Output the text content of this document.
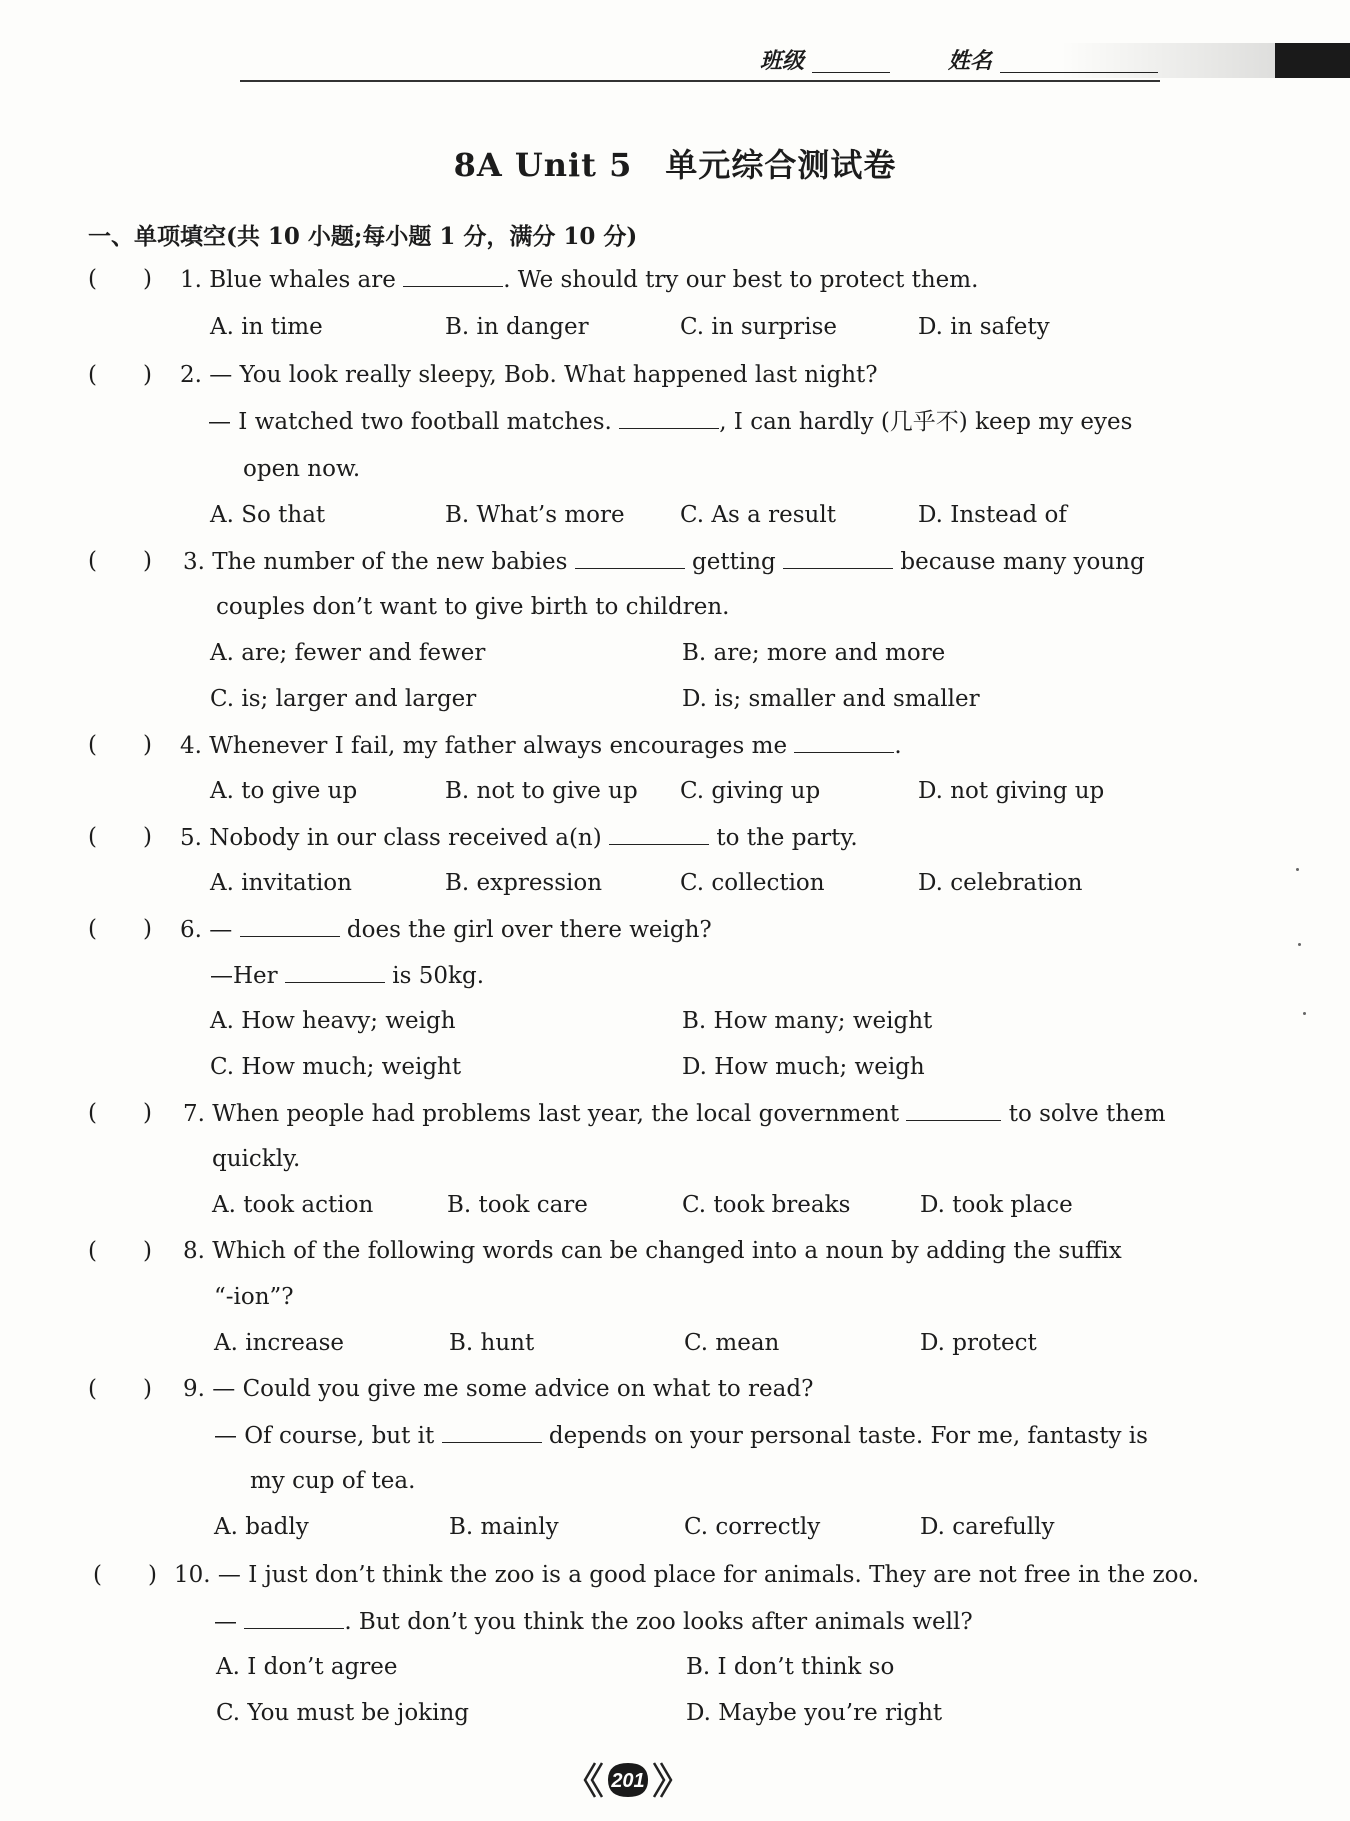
班级	姓名
8A Unit 5　单元综合测试卷
一、单项填空(共 10 小题;每小题 1 分，满分 10 分)
(　　) 1. Blue whales are	. We should try our best to protect them.
A. in time	B. in danger	C. in surprise	D. in safety
(　　) 2. — You look really sleepy, Bob. What happened last night?
— I watched two football matches.	, I can hardly (几乎不) keep my eyes
open now.
A. So that	B. What’s more C. As a result	D. Instead of
(　　) 3. The number of the new babies	getting	because many young
couples don’t want to give birth to children.
A. are; fewer and fewer	B. are; more and more
C. is; larger and larger	D. is; smaller and smaller
(　　) 4. Whenever I fail, my father always encourages me	.
A. to give up	B. not to give up C. giving up	D. not giving up
(　　) 5. Nobody in our class received a(n)	to the party.
A. invitation	B. expression	C. collection	D. celebration
(　　) 6. —	does the girl over there weigh?
—Her	is 50kg.
A. How heavy; weigh	B. How many; weight
C. How much; weight	D. How much; weigh
(　　) 7. When people had problems last year, the local government	to solve them
quickly.
A. took action	B. took care	C. took breaks	D. took place
(　　) 8. Which of the following words can be changed into a noun by adding the suffix
“-ion”?
A. increase	B. hunt	C. mean	D. protect
(　　) 9. — Could you give me some advice on what to read?
— Of course, but it	depends on your personal taste. For me, fantasty is
my cup of tea.
A. badly	B. mainly	C. correctly	D. carefully
(　　) 10. — I just don’t think the zoo is a good place for animals. They are not free in the zoo.
—	. But don’t you think the zoo looks after animals well?
A. I don’t agree	B. I don’t think so
C. You must be joking	D. Maybe you’re right
201
